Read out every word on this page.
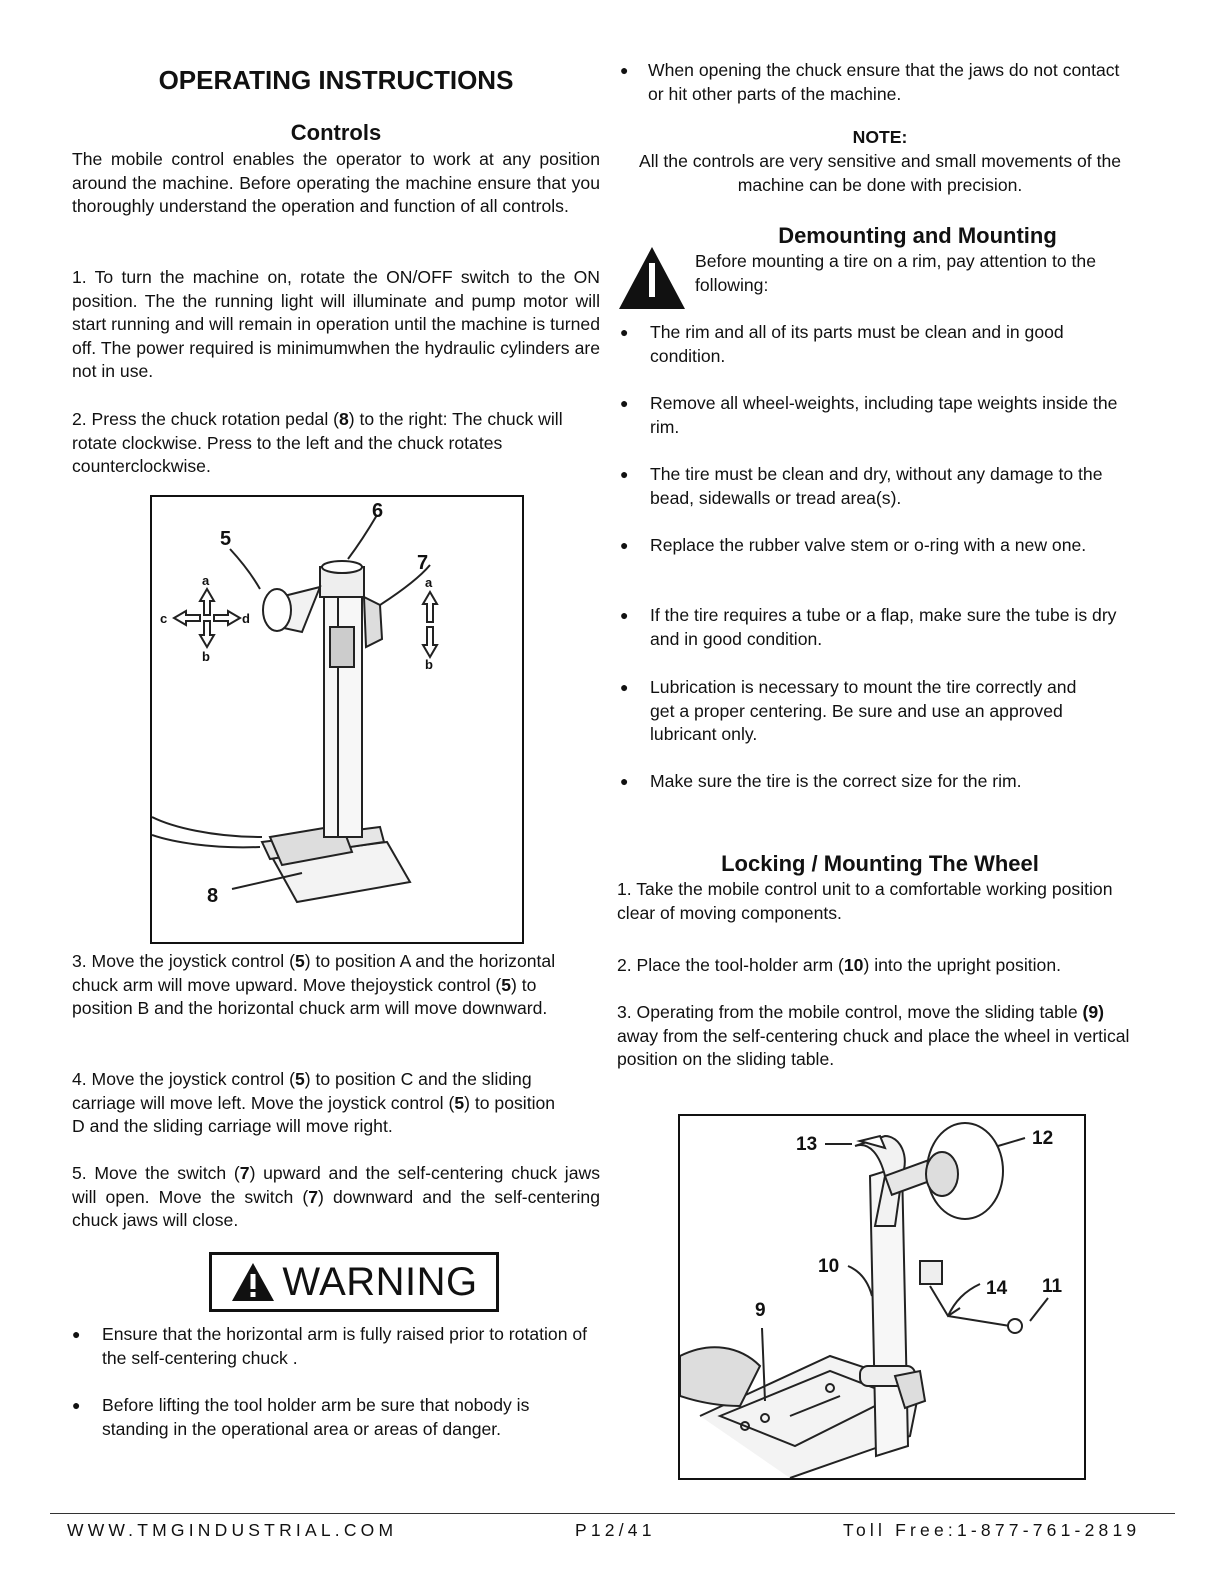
OPERATING INSTRUCTIONS
Controls

The mobile control enables the operator to work at any position around the machine. Before operating the machine ensure that you thoroughly understand the operation and function of all controls.

1. To turn the machine on, rotate the ON/OFF switch to the ON position. The the running light will illuminate and pump motor will start running and will remain in operation until the machine is turned off. The power required is minimumwhen the hydraulic cylinders are not in use.

2. Press the chuck rotation pedal (8) to the right: The chuck will rotate clockwise. Press to the left and the chuck rotates counterclockwise.

5
6
7
8
a
b
c	d
a
b

3. Move the joystick control (5) to position A and the horizontal chuck arm will move upward. Move thejoystick control (5) to position B and the horizontal chuck arm will move downward.

4. Move the joystick control (5) to position C and the sliding carriage will move left. Move the joystick control (5) to position D and the sliding carriage will move right.

5. Move the switch (7) upward and the self-centering chuck jaws will open. Move the switch (7) downward and the self-centering chuck jaws will close.

WARNING
● Ensure that the horizontal arm is fully raised prior to rotation of the self-centering chuck .
● Before lifting the tool holder arm be sure that nobody is standing in the operational area or areas of danger.
● When opening the chuck ensure that the jaws do not contact or hit other parts of the machine.
NOTE:
All the controls are very sensitive and small movements of the machine can be done with precision.
Demounting and Mounting
Before mounting a tire on a rim, pay attention to the following:
● The rim and all of its parts must be clean and in good condition.
● Remove all wheel-weights, including tape weights inside the rim.
● The tire must be clean and dry, without any damage to the bead, sidewalls or tread area(s).
● Replace the rubber valve stem or o-ring with a new one.
● If the tire requires a tube or a flap, make sure the tube is dry and in good condition.
● Lubrication is necessary to mount the tire correctly and get a proper centering. Be sure and use an approved lubricant only.
● Make sure the tire is the correct size for the rim.
Locking / Mounting The Wheel

1. Take the mobile control unit to a comfortable working position clear of moving components.

2. Place the tool-holder arm (10) into the upright position.

3. Operating from the mobile control, move the sliding table (9) away from the self-centering chuck and place the wheel in vertical position on the sliding table.

13	12
10
14 11
9
WWW.TMGINDUSTRIAL.COM	P12/41	Toll Free:1-877-761-2819
